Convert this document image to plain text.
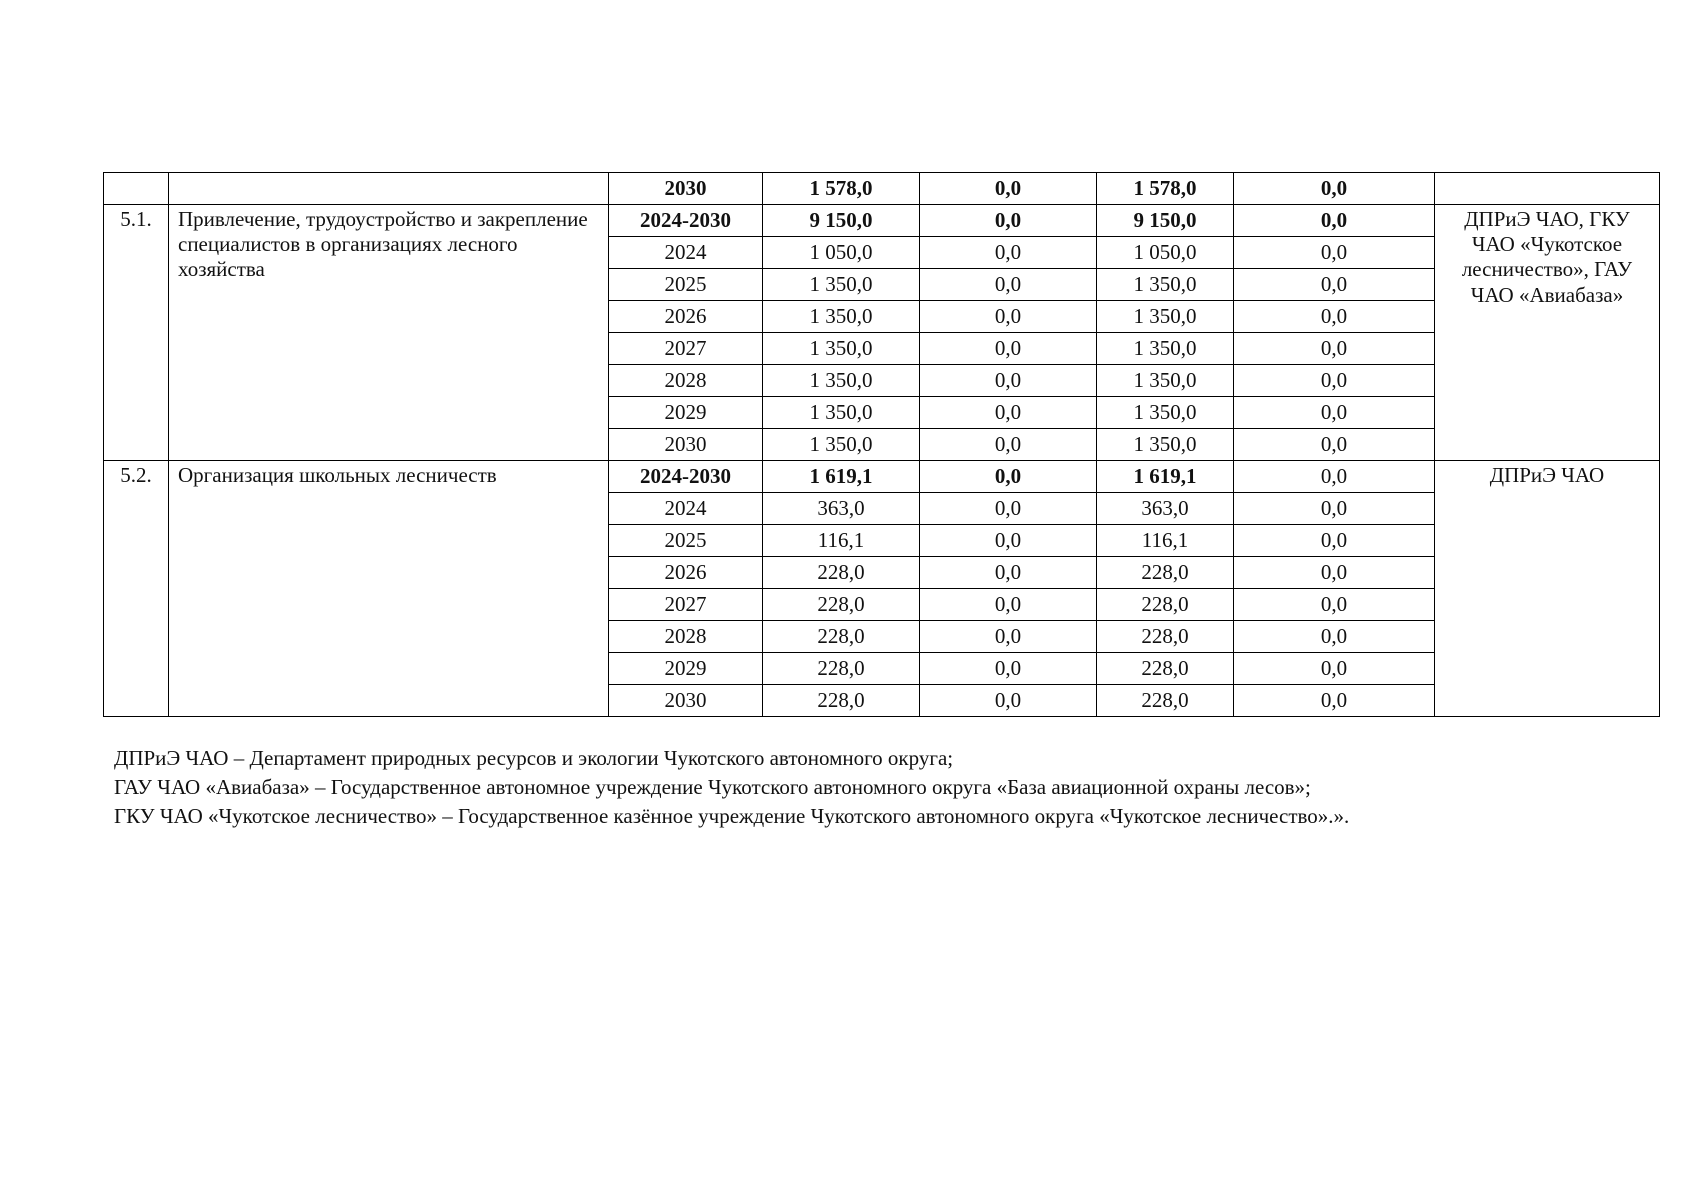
		2030	1 578,0	0,0	1 578,0	0,0	
5.1.	Привлечение, трудоустройство и закрепление специалистов в организациях лесного хозяйства	2024-2030	9 150,0	0,0	9 150,0	0,0	ДПРиЭ ЧАО, ГКУ ЧАО «Чукотское лесничество», ГАУ ЧАО «Авиабаза»
		2024	1 050,0	0,0	1 050,0	0,0	
		2025	1 350,0	0,0	1 350,0	0,0	
		2026	1 350,0	0,0	1 350,0	0,0	
		2027	1 350,0	0,0	1 350,0	0,0	
		2028	1 350,0	0,0	1 350,0	0,0	
		2029	1 350,0	0,0	1 350,0	0,0	
		2030	1 350,0	0,0	1 350,0	0,0	
5.2.	Организация школьных лесничеств	2024-2030	1 619,1	0,0	1 619,1	0,0	ДПРиЭ ЧАО
		2024	363,0	0,0	363,0	0,0	
		2025	116,1	0,0	116,1	0,0	
		2026	228,0	0,0	228,0	0,0	
		2027	228,0	0,0	228,0	0,0	
		2028	228,0	0,0	228,0	0,0	
		2029	228,0	0,0	228,0	0,0	
		2030	228,0	0,0	228,0	0,0	

ДПРиЭ ЧАО – Департамент природных ресурсов и экологии Чукотского автономного округа;

ГАУ ЧАО «Авиабаза» – Государственное автономное учреждение Чукотского автономного округа «База авиационной охраны лесов»;

ГКУ ЧАО «Чукотское лесничество» – Государственное казённое учреждение Чукотского автономного округа «Чукотское лесничество».».
